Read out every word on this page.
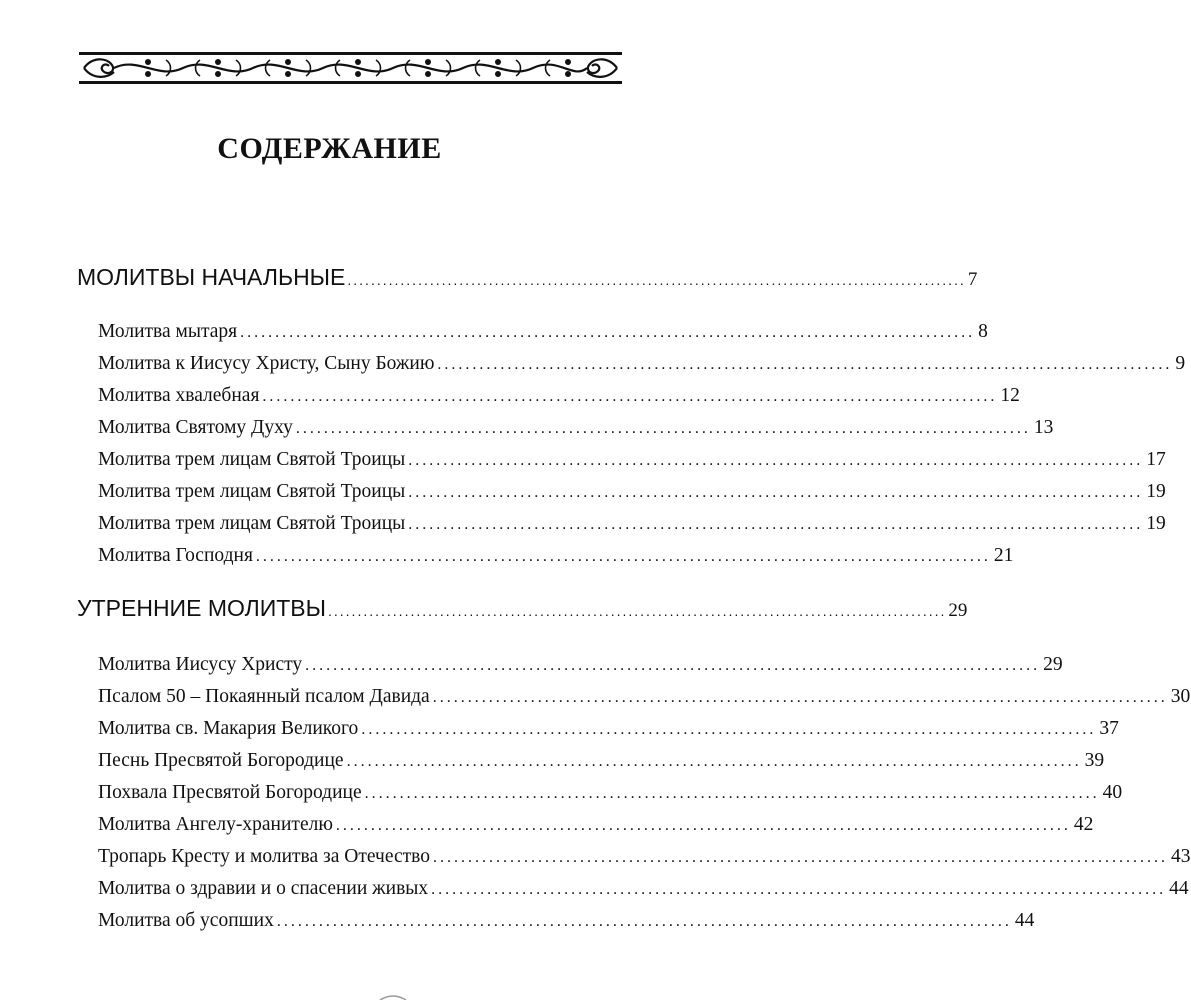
СОДЕРЖАНИЕ
МОЛИТВЫ НАЧАЛЬНЫЕ ......................................................................................................... 7
Молитва мытаря ......................................................................................................... 8
Молитва к Иисусу Христу, Сыну Божию ......................................................................................................... 9
Молитва хвалебная ......................................................................................................... 12
Молитва Святому Духу ......................................................................................................... 13
Молитва трем лицам Святой Троицы ......................................................................................................... 17
Молитва трем лицам Святой Троицы ......................................................................................................... 19
Молитва трем лицам Святой Троицы ......................................................................................................... 19
Молитва Господня ......................................................................................................... 21
УТРЕННИЕ МОЛИТВЫ ......................................................................................................... 29
Молитва Иисусу Христу ......................................................................................................... 29
Псалом 50 – Покаянный псалом Давида ......................................................................................................... 30
Молитва св. Макария Великого ......................................................................................................... 37
Песнь Пресвятой Богородице ......................................................................................................... 39
Похвала Пресвятой Богородице ......................................................................................................... 40
Молитва Ангелу-хранителю ......................................................................................................... 42
Тропарь Кресту и молитва за Отечество ......................................................................................................... 43
Молитва о здравии и о спасении живых ......................................................................................................... 44
Молитва об усопших ......................................................................................................... 44
